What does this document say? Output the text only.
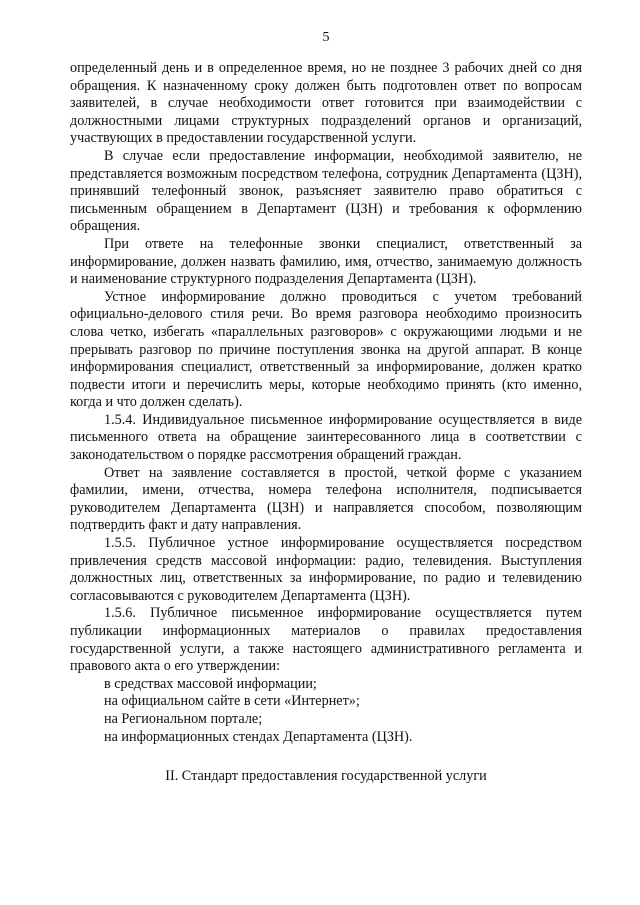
5

определенный день и в определенное время, но не позднее 3 рабочих дней со дня обращения. К назначенному сроку должен быть подготовлен ответ по вопросам заявителей, в случае необходимости ответ готовится при взаимодействии с должностными лицами структурных подразделений органов и организаций, участвующих в предоставлении государственной услуги.

В случае если предоставление информации, необходимой заявителю, не представляется возможным посредством телефона, сотрудник Департамента (ЦЗН), принявший телефонный звонок, разъясняет заявителю право обратиться с письменным обращением в Департамент (ЦЗН) и требования к оформлению обращения.

При ответе на телефонные звонки специалист, ответственный за информирование, должен назвать фамилию, имя, отчество, занимаемую должность и наименование структурного подразделения Департамента (ЦЗН).

Устное информирование должно проводиться с учетом требований официально-делового стиля речи. Во время разговора необходимо произносить слова четко, избегать «параллельных разговоров» с окружающими людьми и не прерывать разговор по причине поступления звонка на другой аппарат. В конце информирования специалист, ответственный за информирование, должен кратко подвести итоги и перечислить меры, которые необходимо принять (кто именно, когда и что должен сделать).

1.5.4. Индивидуальное письменное информирование осуществляется в виде письменного ответа на обращение заинтересованного лица в соответствии с законодательством о порядке рассмотрения обращений граждан.

Ответ на заявление составляется в простой, четкой форме с указанием фамилии, имени, отчества, номера телефона исполнителя, подписывается руководителем Департамента (ЦЗН) и направляется способом, позволяющим подтвердить факт и дату направления.

1.5.5. Публичное устное информирование осуществляется посредством привлечения средств массовой информации: радио, телевидения. Выступления должностных лиц, ответственных за информирование, по радио и телевидению согласовываются с руководителем Департамента (ЦЗН).

1.5.6. Публичное письменное информирование осуществляется путем публикации информационных материалов о правилах предоставления государственной услуги, а также настоящего административного регламента и правового акта о его утверждении:

в средствах массовой информации;

на официальном сайте в сети «Интернет»;

на Региональном портале;

на информационных стендах Департамента (ЦЗН).

II. Стандарт предоставления государственной услуги
